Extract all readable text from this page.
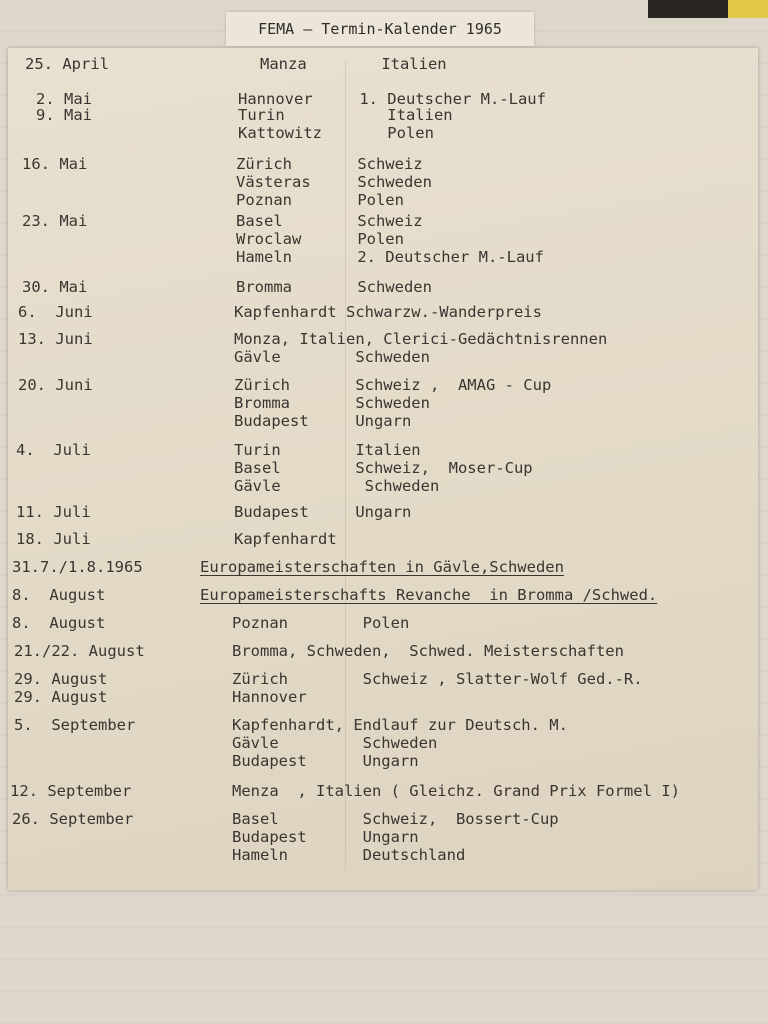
FEMA – Termin-Kalender 1965
25. April	Manza        Italien
2. Mai	Hannover     1. Deutscher M.-Lauf
9. Mai	Turin           Italien
Kattowitz       Polen
16. Mai	Zürich       Schweiz
Västeras     Schweden
Poznan       Polen
23. Mai	Basel        Schweiz
Wroclaw      Polen
Hameln       2. Deutscher M.-Lauf
30. Mai	Bromma       Schweden
6.  Juni	Kapfenhardt Schwarzw.-Wanderpreis
13. Juni	Monza, Italien, Clerici-Gedächtnisrennen
Gävle        Schweden
20. Juni	Zürich       Schweiz ,  AMAG - Cup
Bromma       Schweden
Budapest     Ungarn
4.  Juli	Turin        Italien
Basel        Schweiz,  Moser-Cup
Gävle         Schweden
11. Juli	Budapest     Ungarn
18. Juli	Kapfenhardt
31.7./1.8.1965	Europameisterschaften in Gävle,Schweden
8.  August	Europameisterschafts Revanche  in Bromma /Schwed.
8.  August	Poznan        Polen
21./22. August	Bromma, Schweden,  Schwed. Meisterschaften
29. August	Zürich        Schweiz , Slatter-Wolf Ged.-R.
29. August	Hannover
5.  September	Kapfenhardt, Endlauf zur Deutsch. M.
Gävle         Schweden
Budapest      Ungarn
12. September	Menza  , Italien ( Gleichz. Grand Prix Formel I)
26. September	Basel         Schweiz,  Bossert-Cup
Budapest      Ungarn
Hameln        Deutschland
